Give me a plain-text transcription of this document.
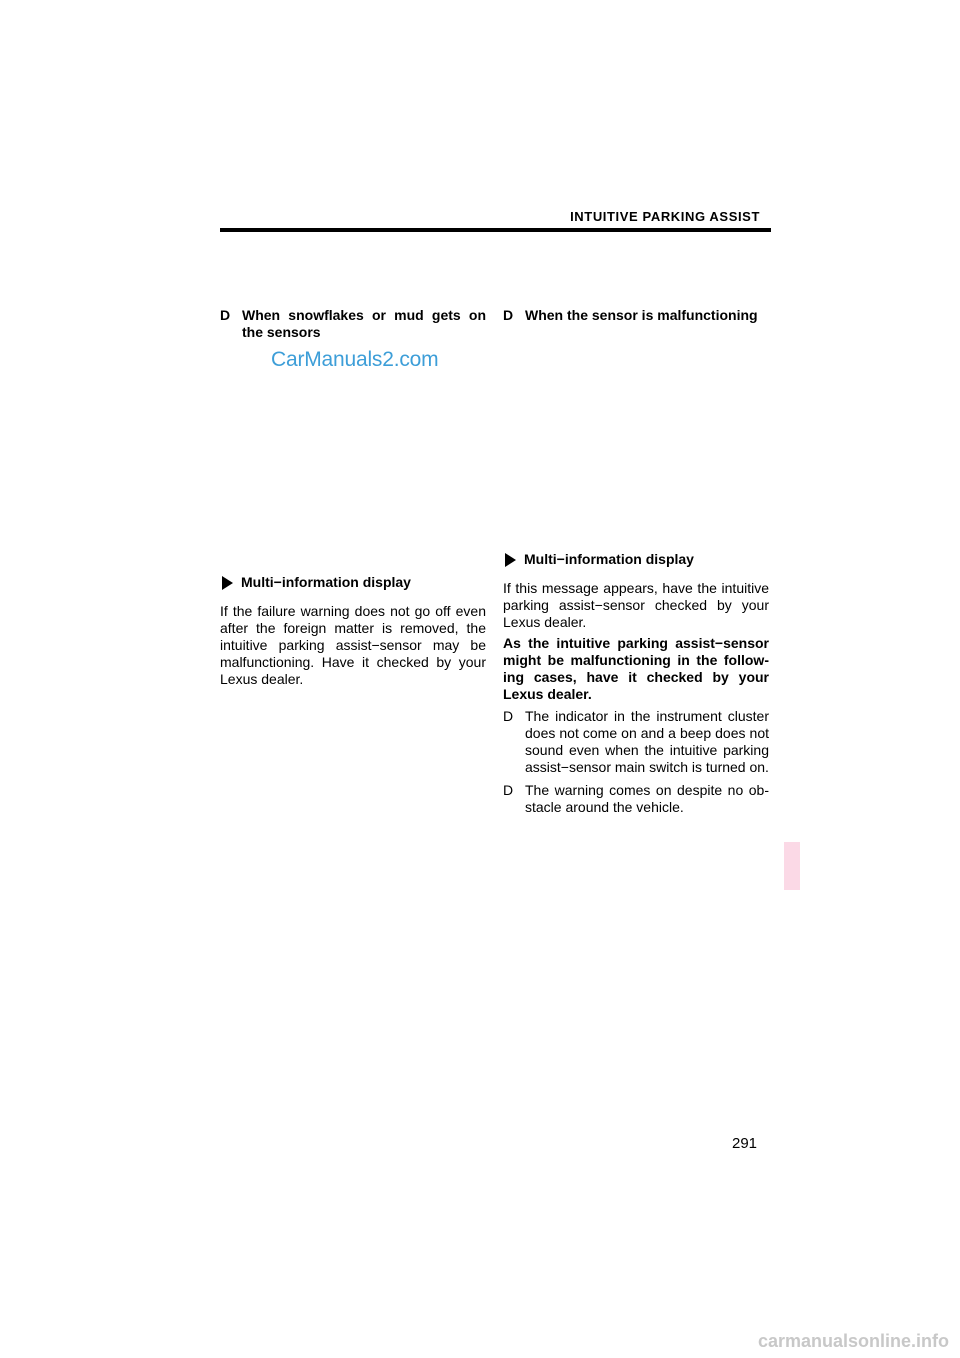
INTUITIVE PARKING ASSIST
D When snowflakes or mud gets on the sensors
CarManuals2.com
Multi−information display

If the failure warning does not go off even after the foreign matter is removed, the intuitive parking assist−sensor may be malfunctioning. Have it checked by your Lexus dealer.

D When the sensor is malfunctioning
Multi−information display

If this message appears, have the intuitive parking assist−sensor checked by your Lexus dealer.

As the intuitive parking assist−sensor might be malfunctioning in the follow-ing cases, have it checked by your Lexus dealer.

D The indicator in the instrument cluster does not come on and a beep does not sound even when the intuitive parking assist−sensor main switch is turned on.
D The warning comes on despite no ob-stacle around the vehicle.
291
carmanualsonline.info
